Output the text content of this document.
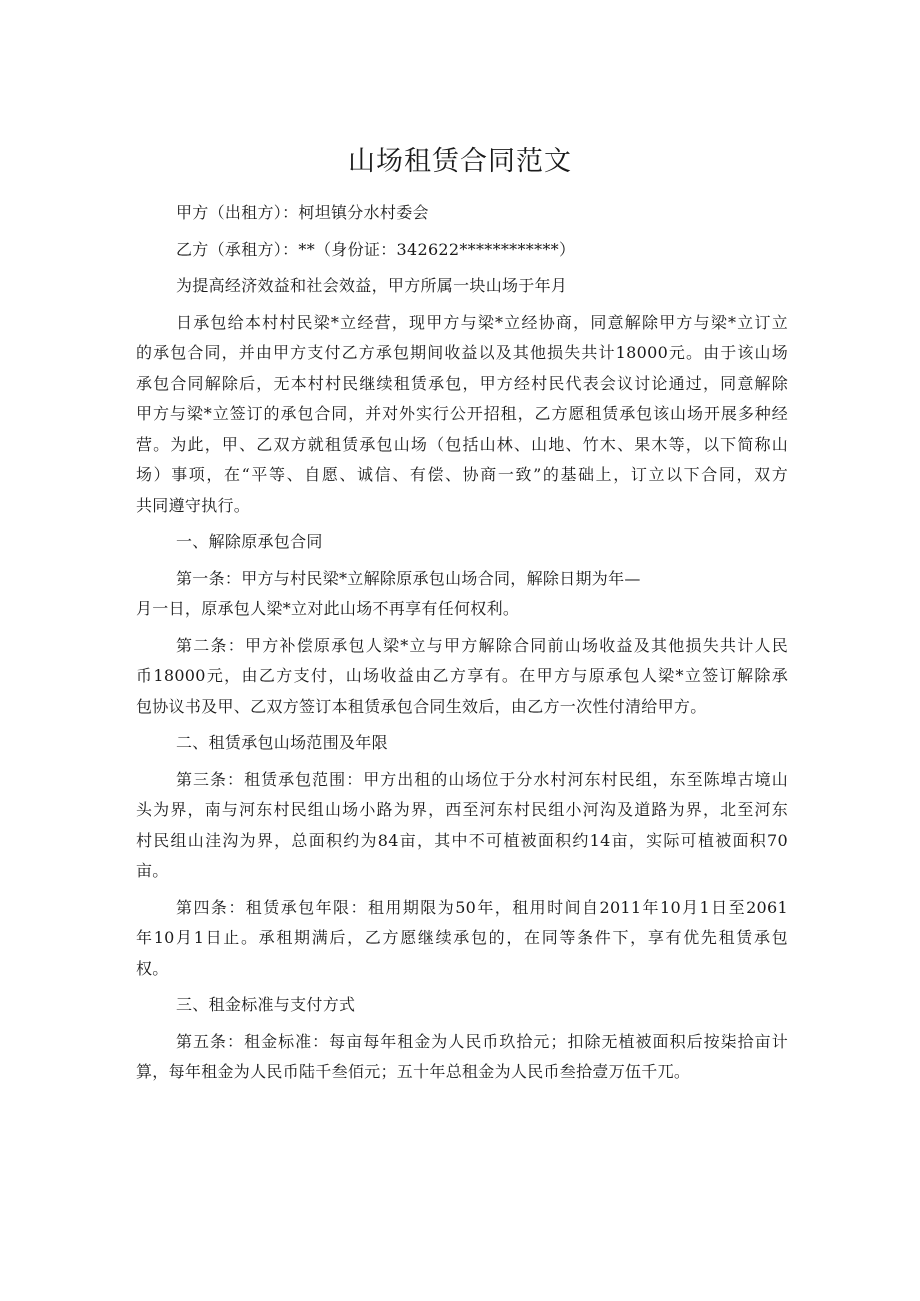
山场租赁合同范文
甲方（出租方）：柯坦镇分水村委会
乙方（承租方）：**（身份证：342622************）
为提高经济效益和社会效益，甲方所属一块山场于年月
日承包给本村村民梁*立经营，现甲方与梁*立经协商，同意解除甲方与梁*立订立
的承包合同，并由甲方支付乙方承包期间收益以及其他损失共计18000元。由于该山场
承包合同解除后，无本村村民继续租赁承包，甲方经村民代表会议讨论通过，同意解除
甲方与梁*立签订的承包合同，并对外实行公开招租，乙方愿租赁承包该山场开展多种经
营。为此，甲、乙双方就租赁承包山场（包括山林、山地、竹木、果木等，以下简称山
场）事项，在“平等、自愿、诚信、有偿、协商一致”的基础上，订立以下合同，双方
共同遵守执行。
一、解除原承包合同
第一条：甲方与村民梁*立解除原承包山场合同，解除日期为年—
月一日，原承包人梁*立对此山场不再享有任何权利。
第二条：甲方补偿原承包人梁*立与甲方解除合同前山场收益及其他损失共计人民
币18000元，由乙方支付，山场收益由乙方享有。在甲方与原承包人梁*立签订解除承
包协议书及甲、乙双方签订本租赁承包合同生效后，由乙方一次性付清给甲方。
二、租赁承包山场范围及年限
第三条：租赁承包范围：甲方出租的山场位于分水村河东村民组，东至陈埠古境山
头为界，南与河东村民组山场小路为界，西至河东村民组小河沟及道路为界，北至河东
村民组山洼沟为界，总面积约为84亩，其中不可植被面积约14亩，实际可植被面积70
亩。
第四条：租赁承包年限：租用期限为50年，租用时间自2011年10月1日至2061
年10月1日止。承租期满后，乙方愿继续承包的，在同等条件下，享有优先租赁承包
权。
三、租金标准与支付方式
第五条：租金标准：每亩每年租金为人民币玖拾元；扣除无植被面积后按柒拾亩计
算，每年租金为人民币陆千叁佰元；五十年总租金为人民币叁拾壹万伍千兀。
